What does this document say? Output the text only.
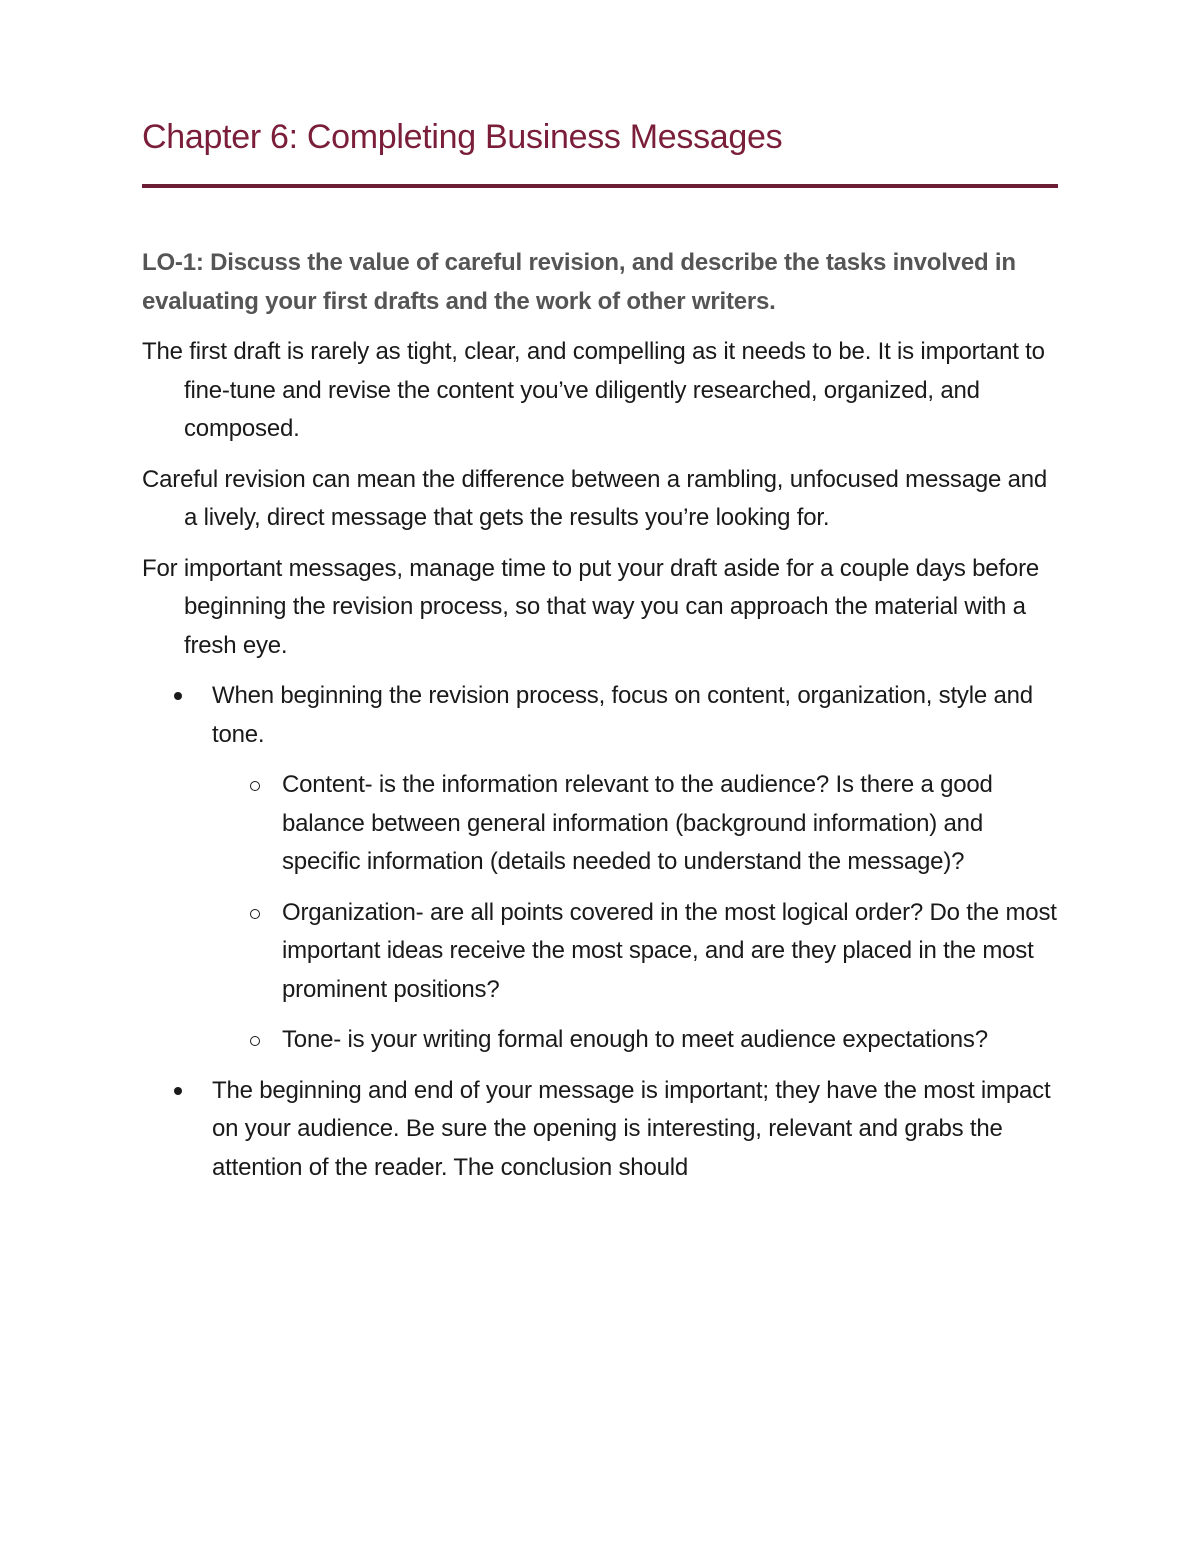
Chapter 6: Completing Business Messages

LO-1: Discuss the value of careful revision, and describe the tasks involved in evaluating your first drafts and the work of other writers.

The first draft is rarely as tight, clear, and compelling as it needs to be. It is important to fine-tune and revise the content you’ve diligently researched, organized, and composed.

Careful revision can mean the difference between a rambling, unfocused message and a lively, direct message that gets the results you’re looking for.

For important messages, manage time to put your draft aside for a couple days before beginning the revision process, so that way you can approach the material with a fresh eye.

When beginning the revision process, focus on content, organization, style and tone.
Content- is the information relevant to the audience? Is there a good balance between general information (background information) and specific information (details needed to understand the message)?
Organization- are all points covered in the most logical order? Do the most important ideas receive the most space, and are they placed in the most prominent positions?
Tone- is your writing formal enough to meet audience expectations?
The beginning and end of your message is important; they have the most impact on your audience. Be sure the opening is interesting, relevant and grabs the attention of the reader. The conclusion should
